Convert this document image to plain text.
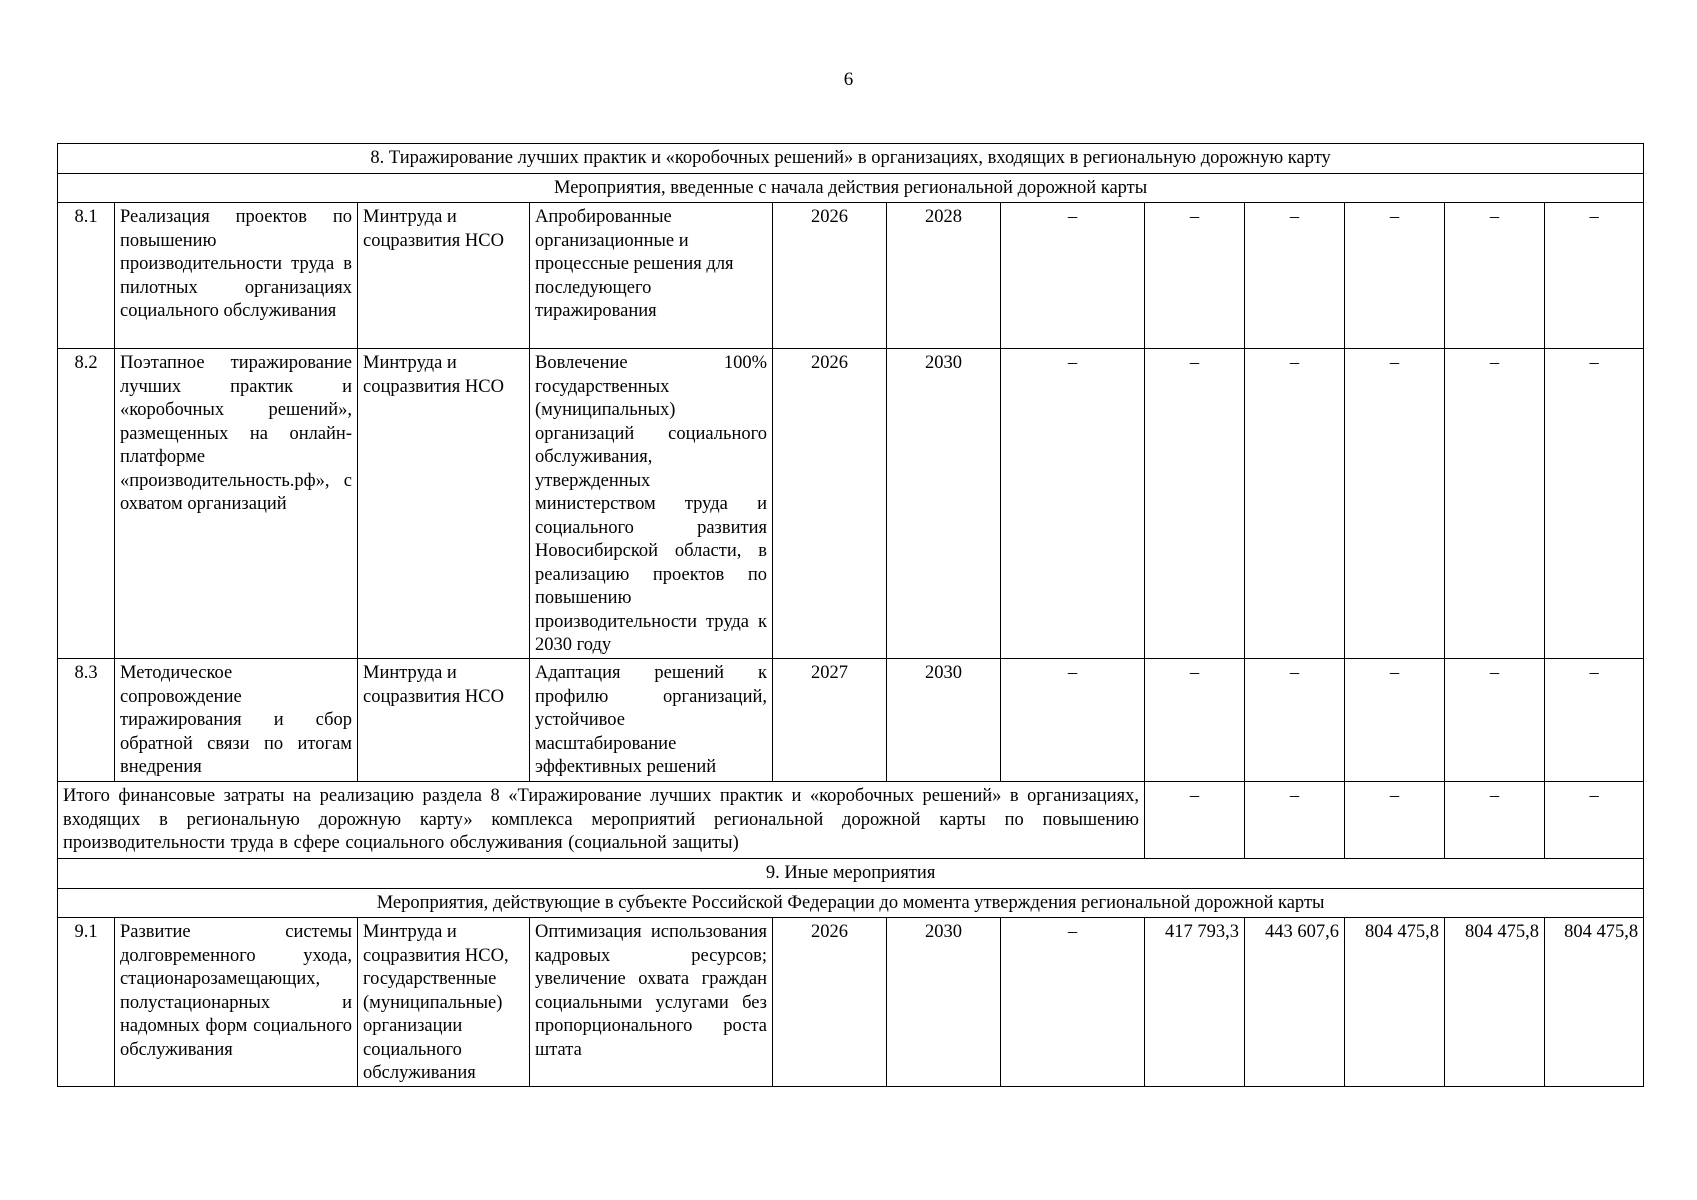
6
8. Тиражирование лучших практик и «коробочных решений» в организациях, входящих в региональную дорожную карту											
Мероприятия, введенные с начала действия региональной дорожной карты											
8.1	Реализация проектов по повышению производительности труда в пилотных организациях социального обслуживания	Минтруда и соцразвития НСО	Апробированные организационные и процессные решения для последующего тиражирования	2026	2028	–	–	–	–	–	–
8.2	Поэтапное тиражирование лучших практик и «коробочных решений», размещенных на онлайн-платформе «производительность.рф», с охватом организаций	Минтруда и соцразвития НСО	Вовлечение 100% государственных (муниципальных) организаций социального обслуживания, утвержденных министерством труда и социального развития Новосибирской области, в реализацию проектов по повышению производительности труда к 2030 году	2026	2030	–	–	–	–	–	–
8.3	Методическое сопровождение тиражирования и сбор обратной связи по итогам внедрения	Минтруда и соцразвития НСО	Адаптация решений к профилю организаций, устойчивое масштабирование эффективных решений	2027	2030	–	–	–	–	–	–
Итого финансовые затраты на реализацию раздела 8 «Тиражирование лучших практик и «коробочных решений» в организациях, входящих в региональную дорожную карту» комплекса мероприятий региональной дорожной карты по повышению производительности труда в сфере социального обслуживания (социальной защиты)							–	–	–	–	–
9. Иные мероприятия											
Мероприятия, действующие в субъекте Российской Федерации до момента утверждения региональной дорожной карты											
9.1	Развитие системы долговременного ухода, стационарозамещающих, полустационарных и надомных форм социального обслуживания	Минтруда и соцразвития НСО, государственные (муниципальные) организации социального обслуживания	Оптимизация использования кадровых ресурсов; увеличение охвата граждан социальными услугами без пропорционального роста штата	2026	2030	–	417 793,3	443 607,6	804 475,8	804 475,8	804 475,8
